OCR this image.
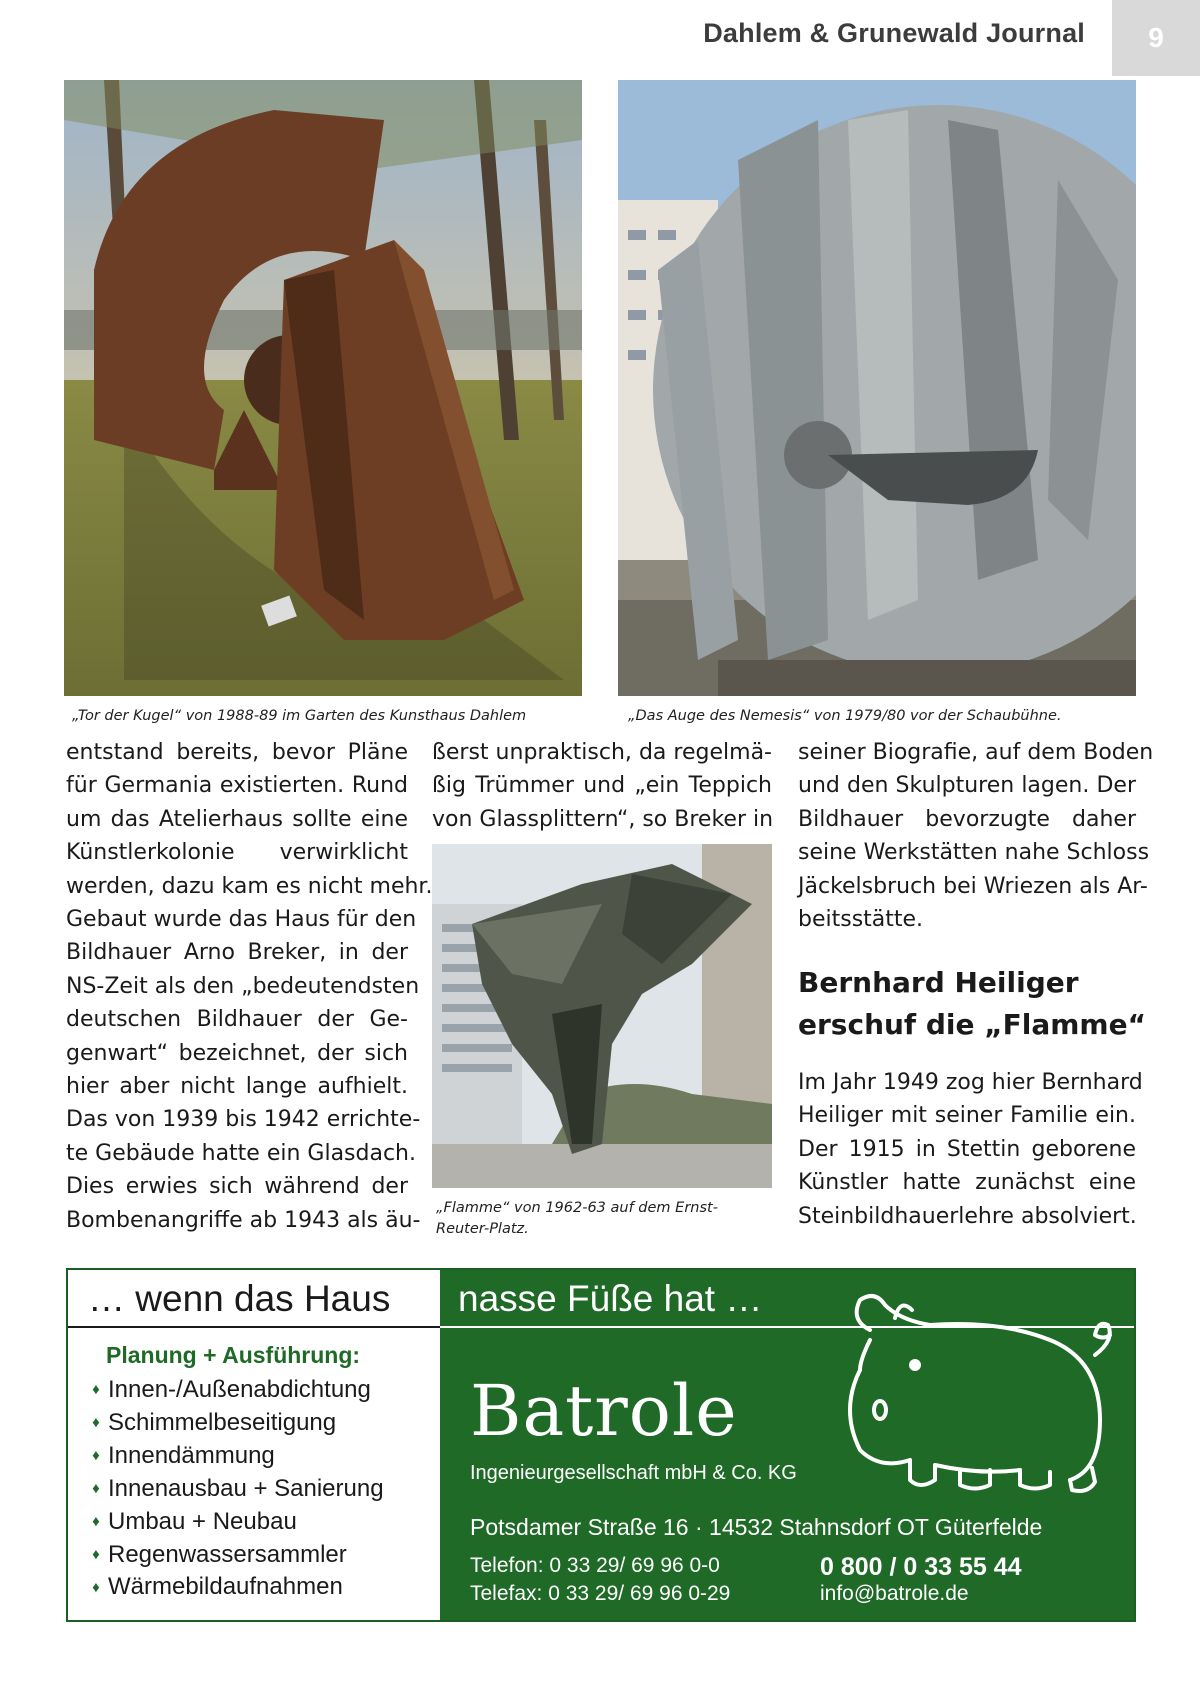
Dahlem & Grunewald Journal	9
„Tor der Kugel“ von 1988-89 im Garten des Kunsthaus Dahlem	„Das Auge des Nemesis“ von 1979/80 vor der Schaubühne.
entstand bereits, bevor Pläne
für Germania existierten. Rund
um das Atelierhaus sollte eine
Künstlerkolonie verwirklicht
werden, dazu kam es nicht mehr.
Gebaut wurde das Haus für den
Bildhauer Arno Breker, in der
NS-Zeit als den „bedeutendsten
deutschen Bildhauer der Ge-
genwart“ bezeichnet, der sich
hier aber nicht lange aufhielt.
Das von 1939 bis 1942 errichte-
te Gebäude hatte ein Glasdach.
Dies erwies sich während der
Bombenangriffe ab 1943 als äu-
ßerst unpraktisch, da regelmä-
ßig Trümmer und „ein Teppich
von Glassplittern“, so Breker in
„Flamme“ von 1962-63 auf dem Ernst-
Reuter-Platz.
seiner Biografie, auf dem Boden
und den Skulpturen lagen. Der
Bildhauer bevorzugte daher
seine Werkstätten nahe Schloss
Jäckelsbruch bei Wriezen als Ar-
beitsstätte.
Bernhard Heiliger
erschuf die „Flamme“
Im Jahr 1949 zog hier Bernhard
Heiliger mit seiner Familie ein.
Der 1915 in Stettin geborene
Künstler hatte zunächst eine
Steinbildhauerlehre absolviert.
… wenn das Haus
Planung + Ausführung:
♦ Innen-/Außenabdichtung
♦ Schimmelbeseitigung
♦ Innendämmung
♦ Innenausbau + Sanierung
♦ Umbau + Neubau
♦ Regenwassersammler
♦ Wärmebildaufnahmen
nasse Füße hat …
Batrole
Ingenieurgesellschaft mbH & Co. KG
Potsdamer Straße 16 · 14532 Stahnsdorf OT Güterfelde
Telefon: 0 33 29/ 69 96 0-0
Telefax: 0 33 29/ 69 96 0-29
0 800 / 0 33 55 44
info@batrole.de
